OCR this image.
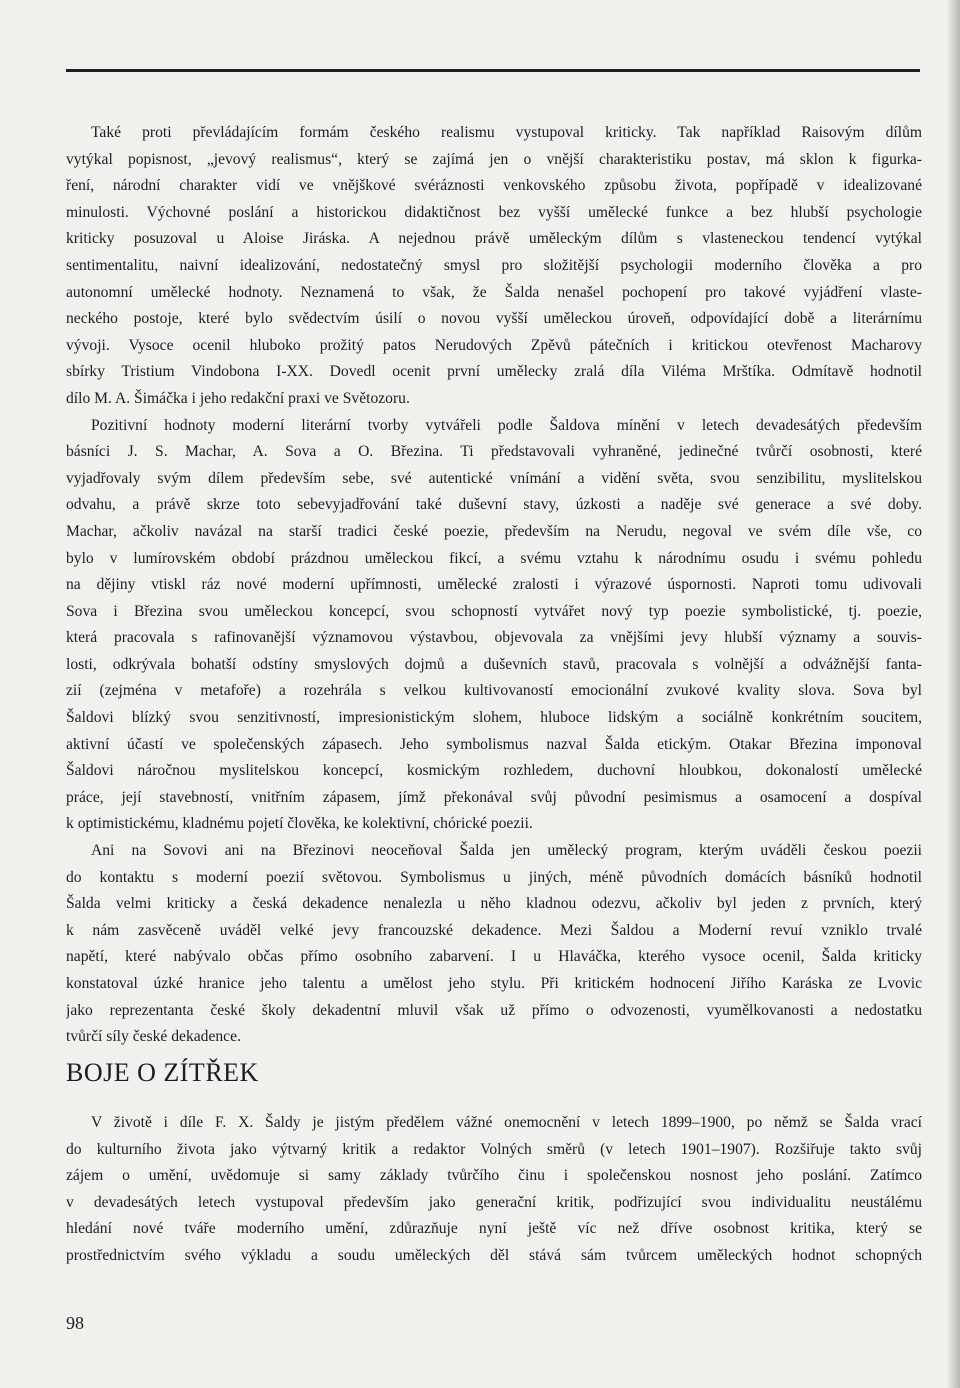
Také proti převládajícím formám českého realismu vystupoval kriticky. Tak například Raisovým dílům
vytýkal popisnost, „jevový realismus“, který se zajímá jen o vnější charakteristiku postav, má sklon k figurka-
ření, národní charakter vidí ve vnějškové svéráznosti venkovského způsobu života, popřípadě v idealizované
minulosti. Výchovné poslání a historickou didaktičnost bez vyšší umělecké funkce a bez hlubší psychologie
kriticky posuzoval u Aloise Jiráska. A nejednou právě uměleckým dílům s vlasteneckou tendencí vytýkal
sentimentalitu, naivní idealizování, nedostatečný smysl pro složitější psychologii moderního člověka a pro
autonomní umělecké hodnoty. Neznamená to však, že Šalda nenašel pochopení pro takové vyjádření vlaste-
neckého postoje, které bylo svědectvím úsilí o novou vyšší uměleckou úroveň, odpovídající době a literárnímu
vývoji. Vysoce ocenil hluboko prožitý patos Nerudových Zpěvů pátečních i kritickou otevřenost Macharovy
sbírky Tristium Vindobona I-XX. Dovedl ocenit první umělecky zralá díla Viléma Mrštíka. Odmítavě hodnotil
dílo M. A. Šimáčka i jeho redakční praxi ve Světozoru.
Pozitivní hodnoty moderní literární tvorby vytvářeli podle Šaldova mínění v letech devadesátých především
básníci J. S. Machar, A. Sova a O. Březina. Ti představovali vyhraněné, jedinečné tvůrčí osobnosti, které
vyjadřovaly svým dílem především sebe, své autentické vnímání a vidění světa, svou senzibilitu, myslitelskou
odvahu, a právě skrze toto sebevyjadřování také duševní stavy, úzkosti a naděje své generace a své doby.
Machar, ačkoliv navázal na starší tradici české poezie, především na Nerudu, negoval ve svém díle vše, co
bylo v lumírovském období prázdnou uměleckou fikcí, a svému vztahu k národnímu osudu i svému pohledu
na dějiny vtiskl ráz nové moderní upřímnosti, umělecké zralosti i výrazové úspornosti. Naproti tomu udivovali
Sova i Březina svou uměleckou koncepcí, svou schopností vytvářet nový typ poezie symbolistické, tj. poezie,
která pracovala s rafinovanější významovou výstavbou, objevovala za vnějšími jevy hlubší významy a souvis-
losti, odkrývala bohatší odstíny smyslových dojmů a duševních stavů, pracovala s volnější a odvážnější fanta-
zií (zejména v metafoře) a rozehrála s velkou kultivovaností emocionální zvukové kvality slova. Sova byl
Šaldovi blízký svou senzitivností, impresionistickým slohem, hluboce lidským a sociálně konkrétním soucitem,
aktivní účastí ve společenských zápasech. Jeho symbolismus nazval Šalda etickým. Otakar Březina imponoval
Šaldovi náročnou myslitelskou koncepcí, kosmickým rozhledem, duchovní hloubkou, dokonalostí umělecké
práce, její stavebností, vnitřním zápasem, jímž překonával svůj původní pesimismus a osamocení a dospíval
k optimistickému, kladnému pojetí člověka, ke kolektivní, chórické poezii.
Ani na Sovovi ani na Březinovi neoceňoval Šalda jen umělecký program, kterým uváděli českou poezii
do kontaktu s moderní poezií světovou. Symbolismus u jiných, méně původních domácích básníků hodnotil
Šalda velmi kriticky a česká dekadence nenalezla u něho kladnou odezvu, ačkoliv byl jeden z prvních, který
k nám zasvěceně uváděl velké jevy francouzské dekadence. Mezi Šaldou a Moderní revuí vzniklo trvalé
napětí, které nabývalo občas přímo osobního zabarvení. I u Hlaváčka, kterého vysoce ocenil, Šalda kriticky
konstatoval úzké hranice jeho talentu a umělost jeho stylu. Při kritickém hodnocení Jiřího Karáska ze Lvovic
jako reprezentanta české školy dekadentní mluvil však už přímo o odvozenosti, vyumělkovanosti a nedostatku
tvůrčí síly české dekadence.
BOJE O ZÍTŘEK
V životě i díle F. X. Šaldy je jistým předělem vážné onemocnění v letech 1899–1900, po němž se Šalda vrací
do kulturního života jako výtvarný kritik a redaktor Volných směrů (v letech 1901–1907). Rozšiřuje takto svůj
zájem o umění, uvědomuje si samy základy tvůrčího činu i společenskou nosnost jeho poslání. Zatímco
v devadesátých letech vystupoval především jako generační kritik, podřizující svou individualitu neustálému
hledání nové tváře moderního umění, zdůrazňuje nyní ještě víc než dříve osobnost kritika, který se
prostřednictvím svého výkladu a soudu uměleckých děl stává sám tvůrcem uměleckých hodnot schopných
98
